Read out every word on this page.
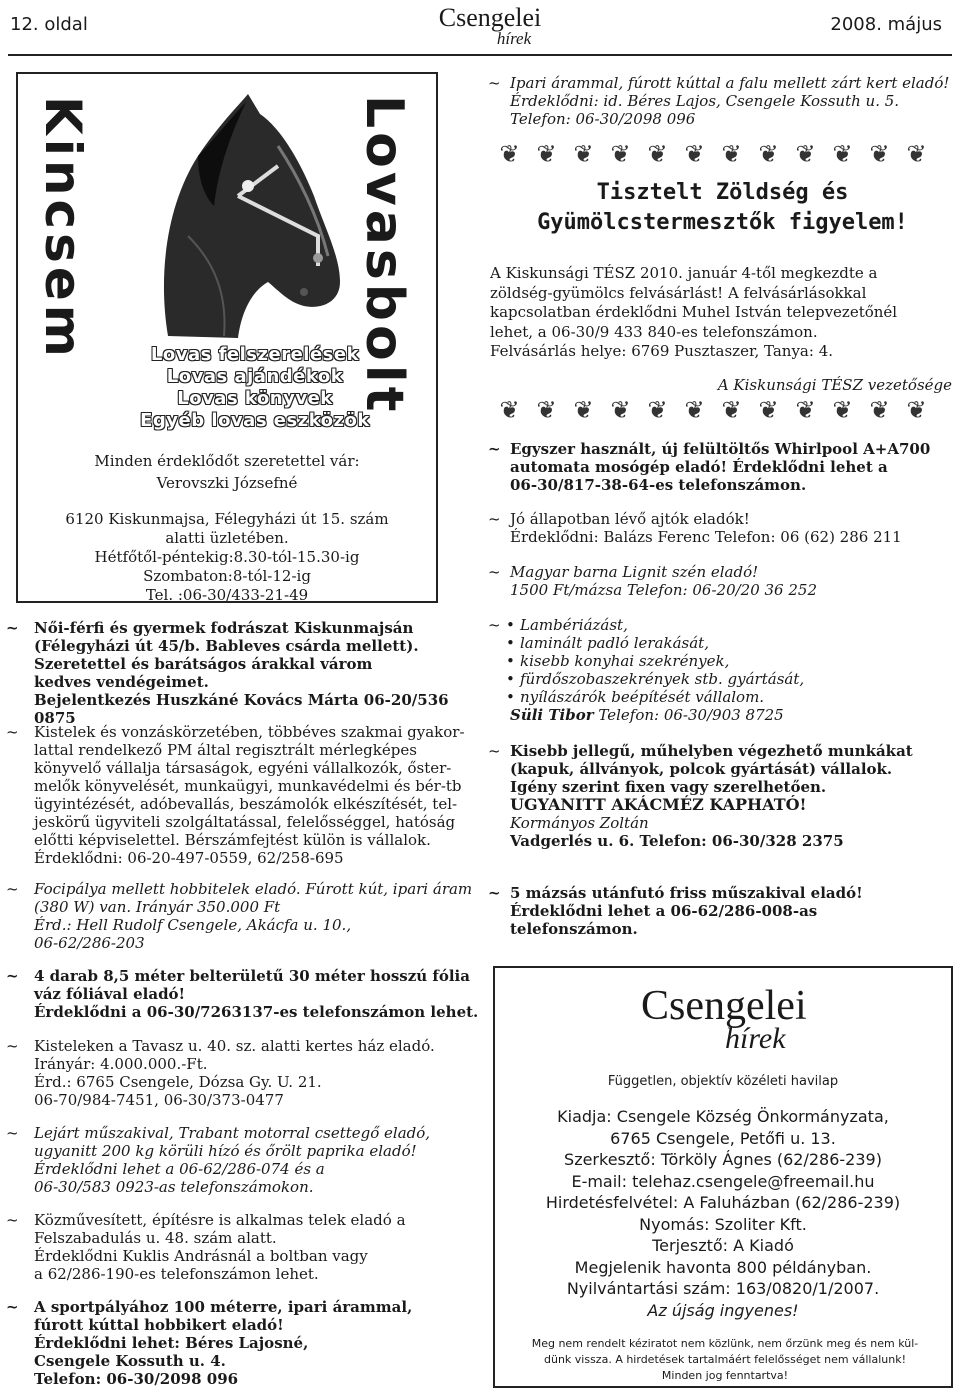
12. oldal	Csengelei
hírek
2008. május
Kincsem	Lovasbolt
Lovas felszerelések
Lovas ajándékok
Lovas könyvek
Egyéb lovas eszközök
Minden érdeklődőt szeretettel vár:
Verovszki Józsefné
6120 Kiskunmajsa, Félegyházi út 15. szám
alatti üzletében.
Hétfőtől-péntekig:8.30-tól-15.30-ig
Szombaton:8-tól-12-ig
Tel. :06-30/433-21-49
~ Női-férfi és gyermek fodrászat Kiskunmajsán
(Félegyházi út 45/b. Bableves csárda mellett).
Szeretettel és barátságos árakkal várom
kedves vendégeimet.
Bejelentkezés Huszkáné Kovács Márta 06-20/536 0875
~ Kistelek és vonzáskörzetében, többéves szakmai gyakor-
lattal rendelkező PM által regisztrált mérlegképes
könyvelő vállalja társaságok, egyéni vállalkozók, őster-
melők könyvelését, munkaügyi, munkavédelmi és bér-tb
ügyintézését, adóbevallás, beszámolók elkészítését, tel-
jeskörű ügyviteli szolgáltatással, felelősséggel, hatóság
előtti képviselettel. Bérszámfejtést külön is vállalok.
Érdeklődni: 06-20-497-0559, 62/258-695
~ Focipálya mellett hobbitelek eladó. Fúrott kút, ipari áram
(380 W) van. Irányár 350.000 Ft
Érd.: Hell Rudolf Csengele, Akácfa u. 10.,
06-62/286-203
~ 4 darab 8,5 méter belterületű 30 méter hosszú fólia
váz fóliával eladó!
Érdeklődni a 06-30/7263137-es telefonszámon lehet.
~ Kisteleken a Tavasz u. 40. sz. alatti kertes ház eladó.
Irányár: 4.000.000.-Ft.
Érd.: 6765 Csengele, Dózsa Gy. U. 21.
06-70/984-7451, 06-30/373-0477
~ Lejárt műszakival, Trabant motorral csettegő eladó,
ugyanitt 200 kg körüli hízó és őrölt paprika eladó!
Érdeklődni lehet a 06-62/286-074 és a
06-30/583 0923-as telefonszámokon.
~ Közművesített, építésre is alkalmas telek eladó a
Felszabadulás u. 48. szám alatt.
Érdeklődni Kuklis Andrásnál a boltban vagy
a 62/286-190-es telefonszámon lehet.
~ A sportpályához 100 méterre, ipari árammal,
fúrott kúttal hobbikert eladó!
Érdeklődni lehet: Béres Lajosné,
Csengele Kossuth u. 4.
Telefon: 06-30/2098 096
~ Ipari árammal, fúrott kúttal a falu mellett zárt kert eladó!
Érdeklődni: id. Béres Lajos, Csengele Kossuth u. 5.
Telefon: 06-30/2098 096
❦ ❦ ❦ ❦ ❦ ❦ ❦ ❦ ❦ ❦ ❦ ❦
Tisztelt Zöldség és
Gyümölcstermesztők figyelem!
A Kiskunsági TÉSZ 2010. január 4-től megkezdte a
zöldség-gyümölcs felvásárlást! A felvásárlásokkal
kapcsolatban érdeklődni Muhel István telepvezetőnél
lehet, a 06-30/9 433 840-es telefonszámon.
Felvásárlás helye: 6769 Pusztaszer, Tanya: 4.
A Kiskunsági TÉSZ vezetősége
❦ ❦ ❦ ❦ ❦ ❦ ❦ ❦ ❦ ❦ ❦ ❦
~ Egyszer használt, új felültöltős Whirlpool A+A700
automata mosógép eladó! Érdeklődni lehet a
06-30/817-38-64-es telefonszámon.
~ Jó állapotban lévő ajtók eladók!
Érdeklődni: Balázs Ferenc Telefon: 06 (62) 286 211
~ Magyar barna Lignit szén eladó!
1500 Ft/mázsa Telefon: 06-20/20 36 252
~
•	Lambériázást,
• laminált padló lerakását,
• kisebb konyhai szekrények,
• fürdőszobaszekrények stb. gyártását,
• nyílászárók beépítését vállalom.
Süli Tibor Telefon: 06-30/903 8725
~ Kisebb jellegű, műhelyben végezhető munkákat
(kapuk, állványok, polcok gyártását) vállalok.
Igény szerint fixen vagy szerelhetően.
UGYANITT AKÁCMÉZ KAPHATÓ!
Kormányos Zoltán
Vadgerlés u. 6. Telefon: 06-30/328 2375
~ 5 mázsás utánfutó friss műszakival eladó!
Érdeklődni lehet a 06-62/286-008-as
telefonszámon.
Csengelei
hírek
Független, objektív közéleti havilap
Kiadja: Csengele Község Önkormányzata,
6765 Csengele, Petőfi u. 13.
Szerkesztő: Törköly Ágnes (62/286-239)
E-mail: telehaz.csengele@freemail.hu
Hirdetésfelvétel: A Faluházban (62/286-239)
Nyomás: Szoliter Kft.
Terjesztő: A Kiadó
Megjelenik havonta 800 példányban.
Nyilvántartási szám: 163/0820/1/2007.
Az újság ingyenes!
Meg nem rendelt kéziratot nem közlünk, nem őrzünk meg és nem kül-
dünk vissza. A hirdetések tartalmáért felelősséget nem vállalunk!
Minden jog fenntartva!
